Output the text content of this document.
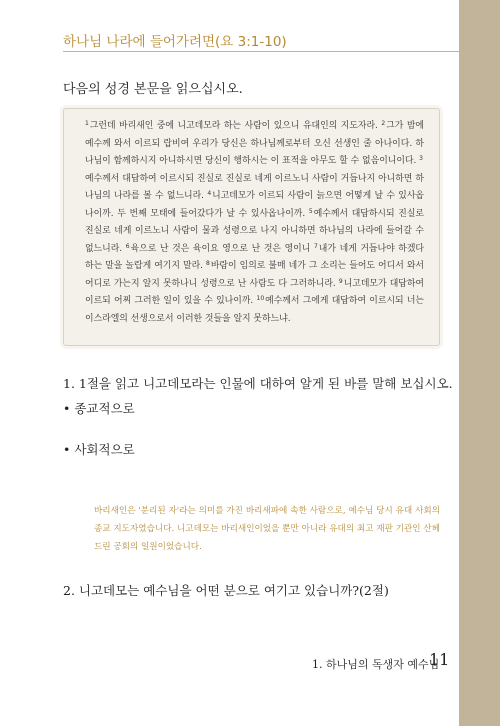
하나님 나라에 들어가려면(요 3:1-10)
다음의 성경 본문을 읽으십시오.
$^1$그런데 바리새인 중에 니고데모라 하는 사람이 있으니 유대인의 지도자라. $^2$그가 밤에 예수께 와서 이르되 랍비여 우리가 당신은 하나님께로부터 오신 선생인 줄 아나이다. 하나님이 함께하시지 아니하시면 당신이 행하시는 이 표적을 아무도 할 수 없음이니이다. $^3$예수께서 대답하여 이르시되 진실로 진실로 네게 이르노니 사람이 거듭나지 아니하면 하나님의 나라를 볼 수 없느니라. $^4$니고데모가 이르되 사람이 늙으면 어떻게 날 수 있사옵나이까. 두 번째 모태에 들어갔다가 날 수 있사옵나이까. $^5$예수께서 대답하시되 진실로 진실로 네게 이르노니 사람이 물과 성령으로 나지 아니하면 하나님의 나라에 들어갈 수 없느니라. $^6$육으로 난 것은 육이요 영으로 난 것은 영이니 $^7$내가 네게 거듭나야 하겠다 하는 말을 놀랍게 여기지 말라. $^8$바람이 임의로 불매 네가 그 소리는 들어도 어디서 와서 어디로 가는지 알지 못하나니 성령으로 난 사람도 다 그러하니라. $^9$니고데모가 대답하여 이르되 어찌 그러한 일이 있을 수 있나이까. $^{10}$예수께서 그에게 대답하여 이르시되 너는 이스라엘의 선생으로서 이러한 것들을 알지 못하느냐.
1. 1절을 읽고 니고데모라는 인물에 대하여 알게 된 바를 말해 보십시오.
• 종교적으로
• 사회적으로
바리새인은 '분리된 자'라는 의미를 가진 바리새파에 속한 사람으로, 예수님 당시 유대 사회의 종교 지도자였습니다. 니고데모는 바리새인이었을 뿐만 아니라 유대의 최고 재판 기관인 산헤드린 공회의 일원이었습니다.
2. 니고데모는 예수님을 어떤 분으로 여기고 있습니까?(2절)
1. 하나님의 독생자 예수님
11
